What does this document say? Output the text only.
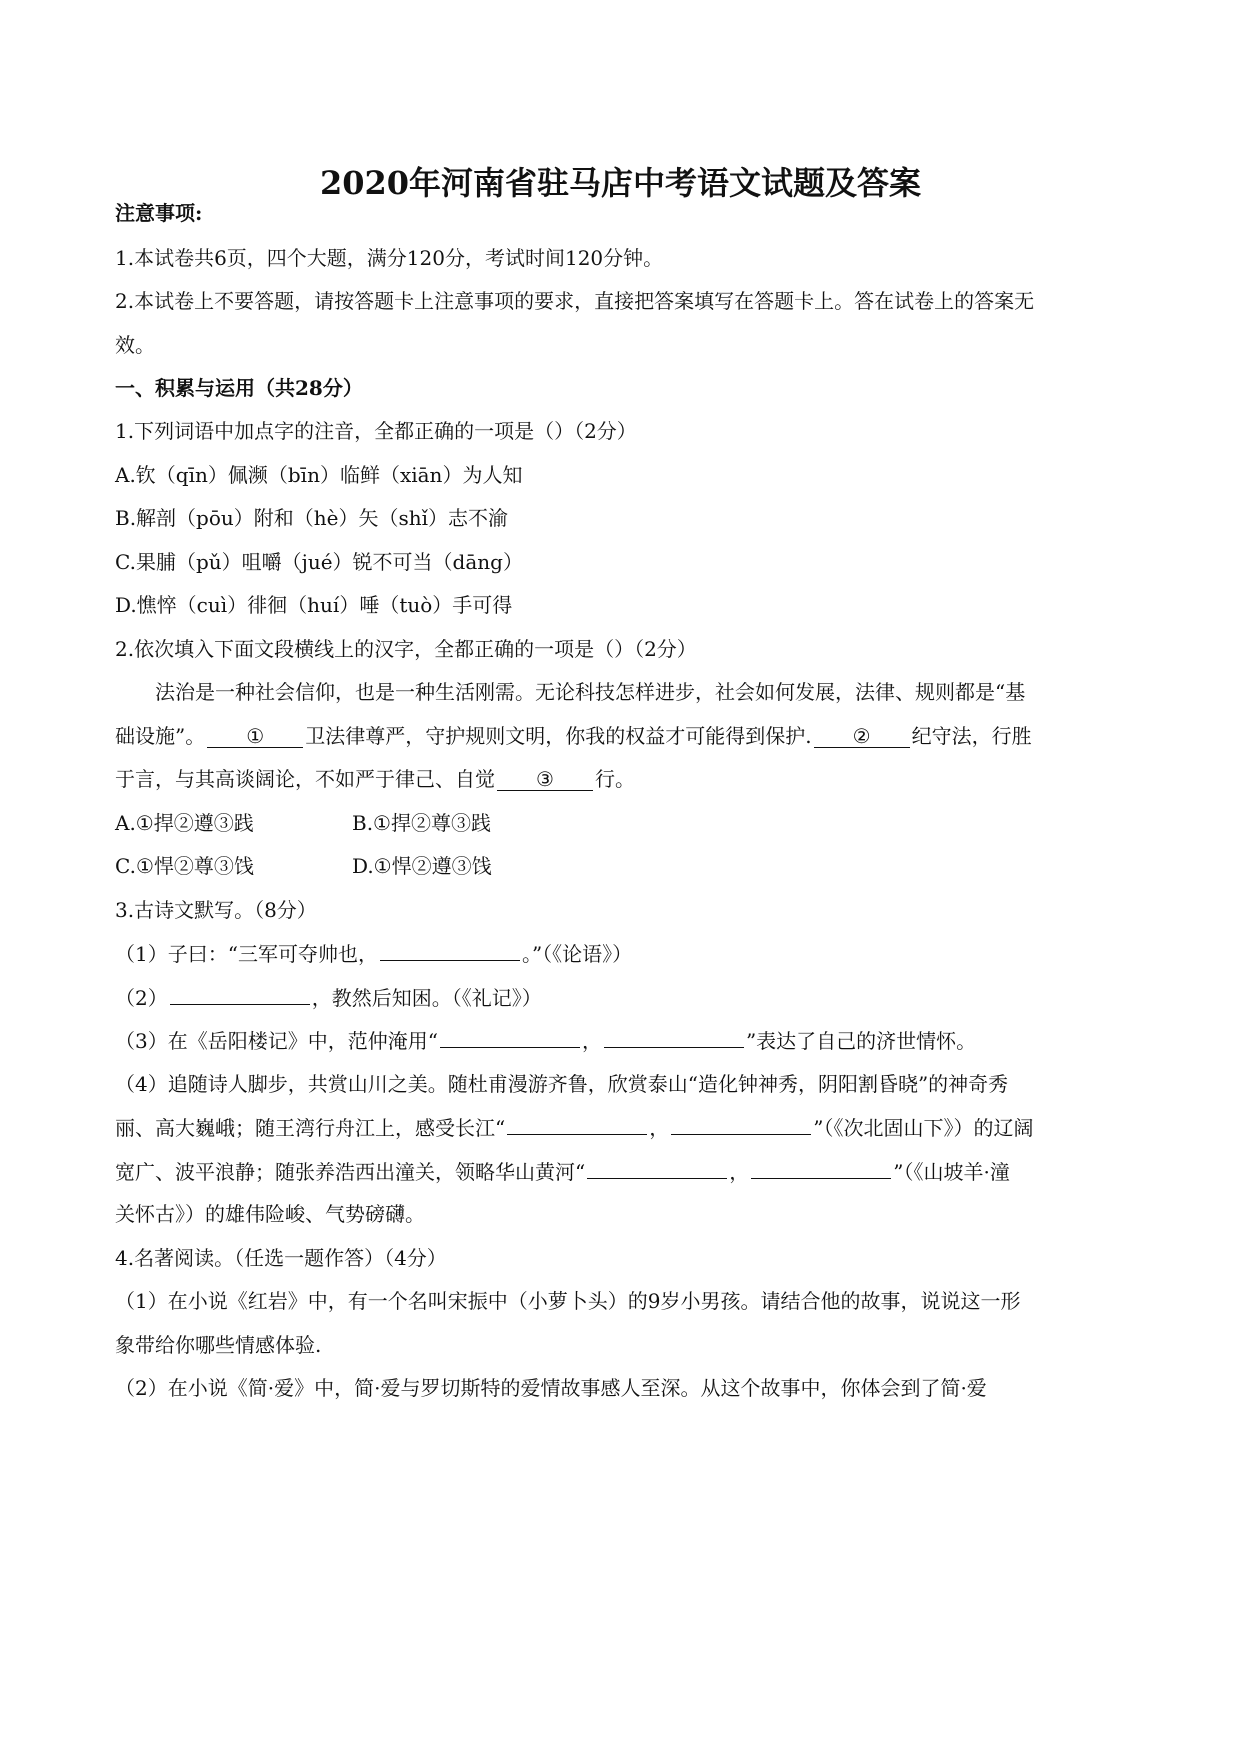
2020年河南省驻马店中考语文试题及答案
注意事项:
1.本试卷共6页，四个大题，满分120分，考试时间120分钟。
2.本试卷上不要答题，请按答题卡上注意事项的要求，直接把答案填写在答题卡上。答在试卷上的答案无
效。
一、积累与运用（共28分）
1.下列词语中加点字的注音，全都正确的一项是（）（2分）
A.钦（qīn）佩濒（bīn）临鲜（xiān）为人知
B.解剖（pōu）附和（hè）矢（shǐ）志不渝
C.果脯（pǔ）咀嚼（jué）锐不可当（dāng）
D.憔悴（cuì）徘徊（huí）唾（tuò）手可得
2.依次填入下面文段横线上的汉字，全都正确的一项是（）（2分）
法治是一种社会信仰，也是一种生活刚需。无论科技怎样进步，社会如何发展，法律、规则都是“基
础设施”。 ① 卫法律尊严，守护规则文明，你我的权益才可能得到保护. ② 纪守法，行胜
于言，与其高谈阔论，不如严于律己、自觉 ③ 行。
A.①捍②遵③践	B.①捍②尊③践
C.①悍②尊③饯	D.①悍②遵③饯
3.古诗文默写。（8分）
（1）子曰：“三军可夺帅也，	。”（《论语》）
（2）	，教然后知困。（《礼记》）
（3）在《岳阳楼记》中，范仲淹用“	，	”表达了自己的济世情怀。
（4）追随诗人脚步，共赏山川之美。随杜甫漫游齐鲁，欣赏泰山“造化钟神秀，阴阳割昏晓”的神奇秀
丽、高大巍峨；随王湾行舟江上，感受长江“	，	”（《次北固山下》）的辽阔
宽广、波平浪静；随张养浩西出潼关，领略华山黄河“	，	”（《山坡羊·潼
关怀古》）的雄伟险峻、气势磅礴。
4.名著阅读。（任选一题作答）（4分）
（1）在小说《红岩》中，有一个名叫宋振中（小萝卜头）的9岁小男孩。请结合他的故事，说说这一形
象带给你哪些情感体验.
（2）在小说《简·爱》中，简·爱与罗切斯特的爱情故事感人至深。从这个故事中，你体会到了简·爱
